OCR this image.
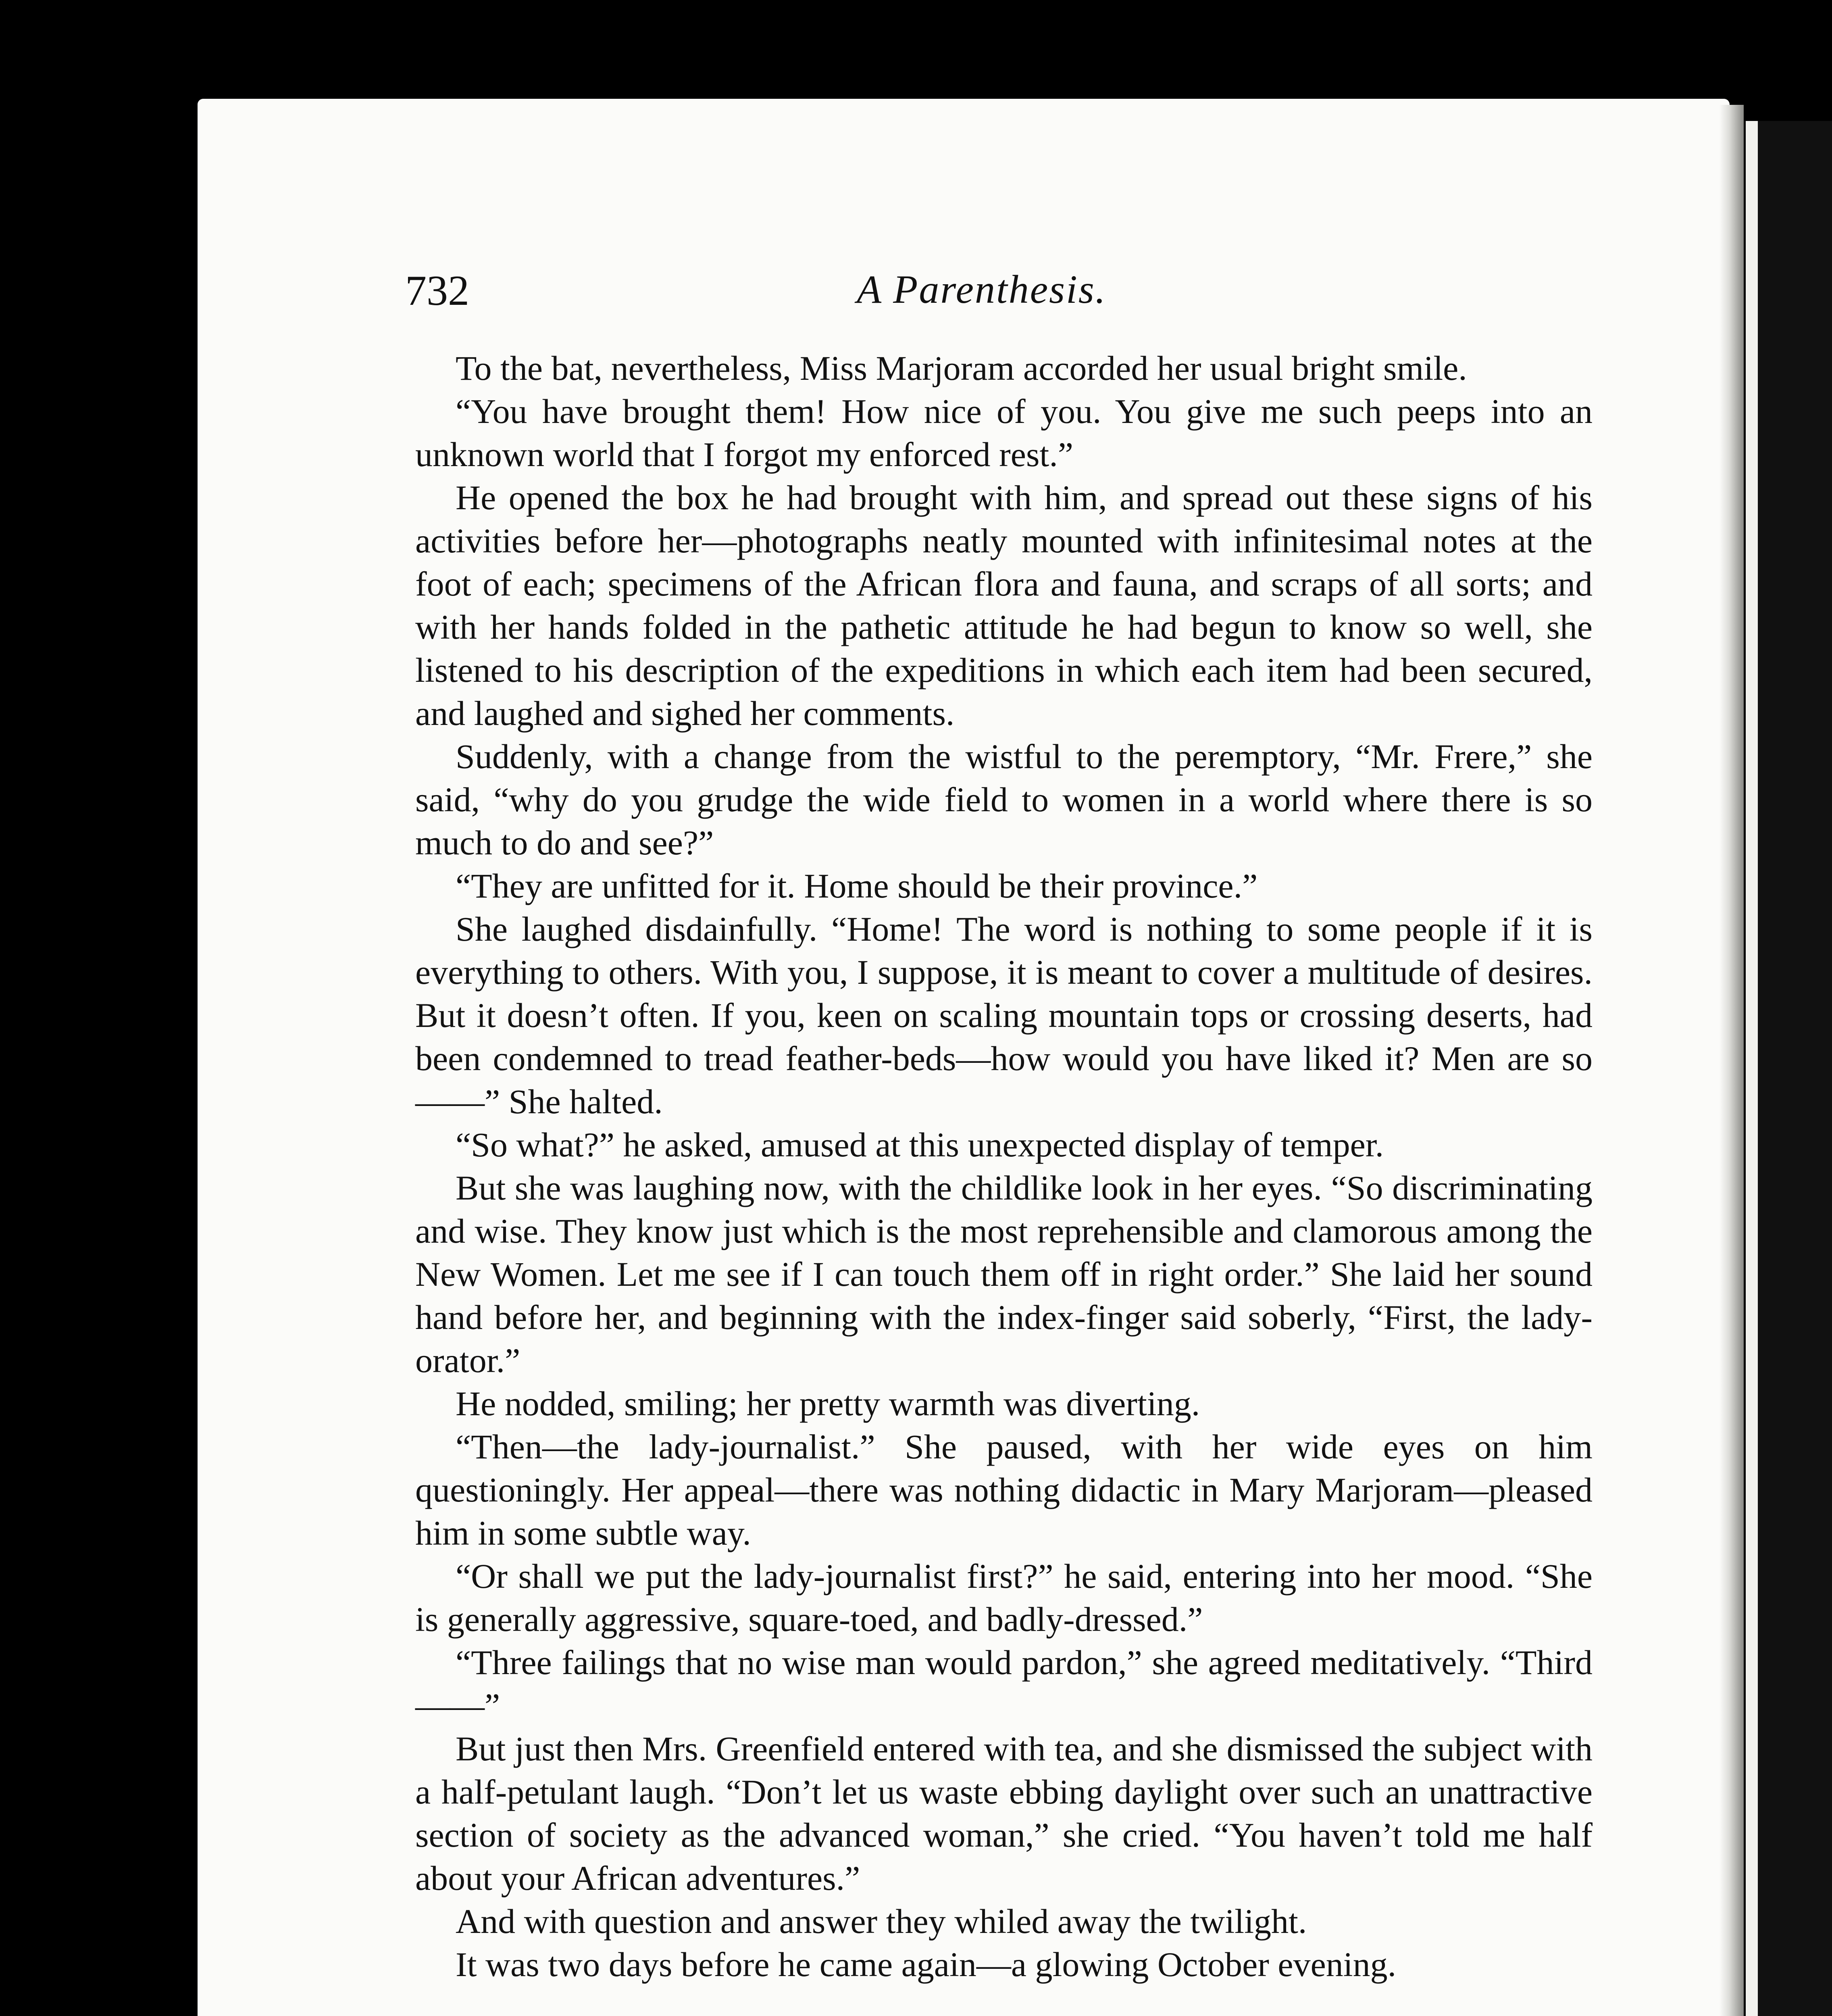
732	A Parenthesis.

To the bat, nevertheless, Miss Marjoram accorded her usual bright smile.

“You have brought them! How nice of you. You give me such peeps into an unknown world that I forgot my enforced rest.”

He opened the box he had brought with him, and spread out these signs of his activities before her—photographs neatly mounted with infinitesimal notes at the foot of each; specimens of the African flora and fauna, and scraps of all sorts; and with her hands folded in the pathetic attitude he had begun to know so well, she listened to his description of the expeditions in which each item had been secured, and laughed and sighed her comments.

Suddenly, with a change from the wistful to the peremptory, “Mr. Frere,” she said, “why do you grudge the wide field to women in a world where there is so much to do and see?”

“They are unfitted for it. Home should be their province.”

She laughed disdainfully. “Home! The word is nothing to some people if it is everything to others. With you, I suppose, it is meant to cover a multitude of desires. But it doesn’t often. If you, keen on scaling mountain tops or crossing deserts, had been condemned to tread feather-beds—how would you have liked it? Men are so——” She halted.

“So what?” he asked, amused at this unexpected display of temper.

But she was laughing now, with the childlike look in her eyes. “So discriminating and wise. They know just which is the most reprehensible and clamorous among the New Women. Let me see if I can touch them off in right order.” She laid her sound hand before her, and beginning with the index-finger said soberly, “First, the lady-orator.”

He nodded, smiling; her pretty warmth was diverting.

“Then—the lady-journalist.” She paused, with her wide eyes on him questioningly. Her appeal—there was nothing didactic in Mary Marjoram—pleased him in some subtle way.

“Or shall we put the lady-journalist first?” he said, entering into her mood. “She is generally aggressive, square-toed, and badly-dressed.”

“Three failings that no wise man would pardon,” she agreed meditatively. “Third——”

But just then Mrs. Greenfield entered with tea, and she dismissed the subject with a half-petulant laugh. “Don’t let us waste ebbing daylight over such an unattractive section of society as the advanced woman,” she cried. “You haven’t told me half about your African adventures.”

And with question and answer they whiled away the twilight.

It was two days before he came again—a glowing October evening.
